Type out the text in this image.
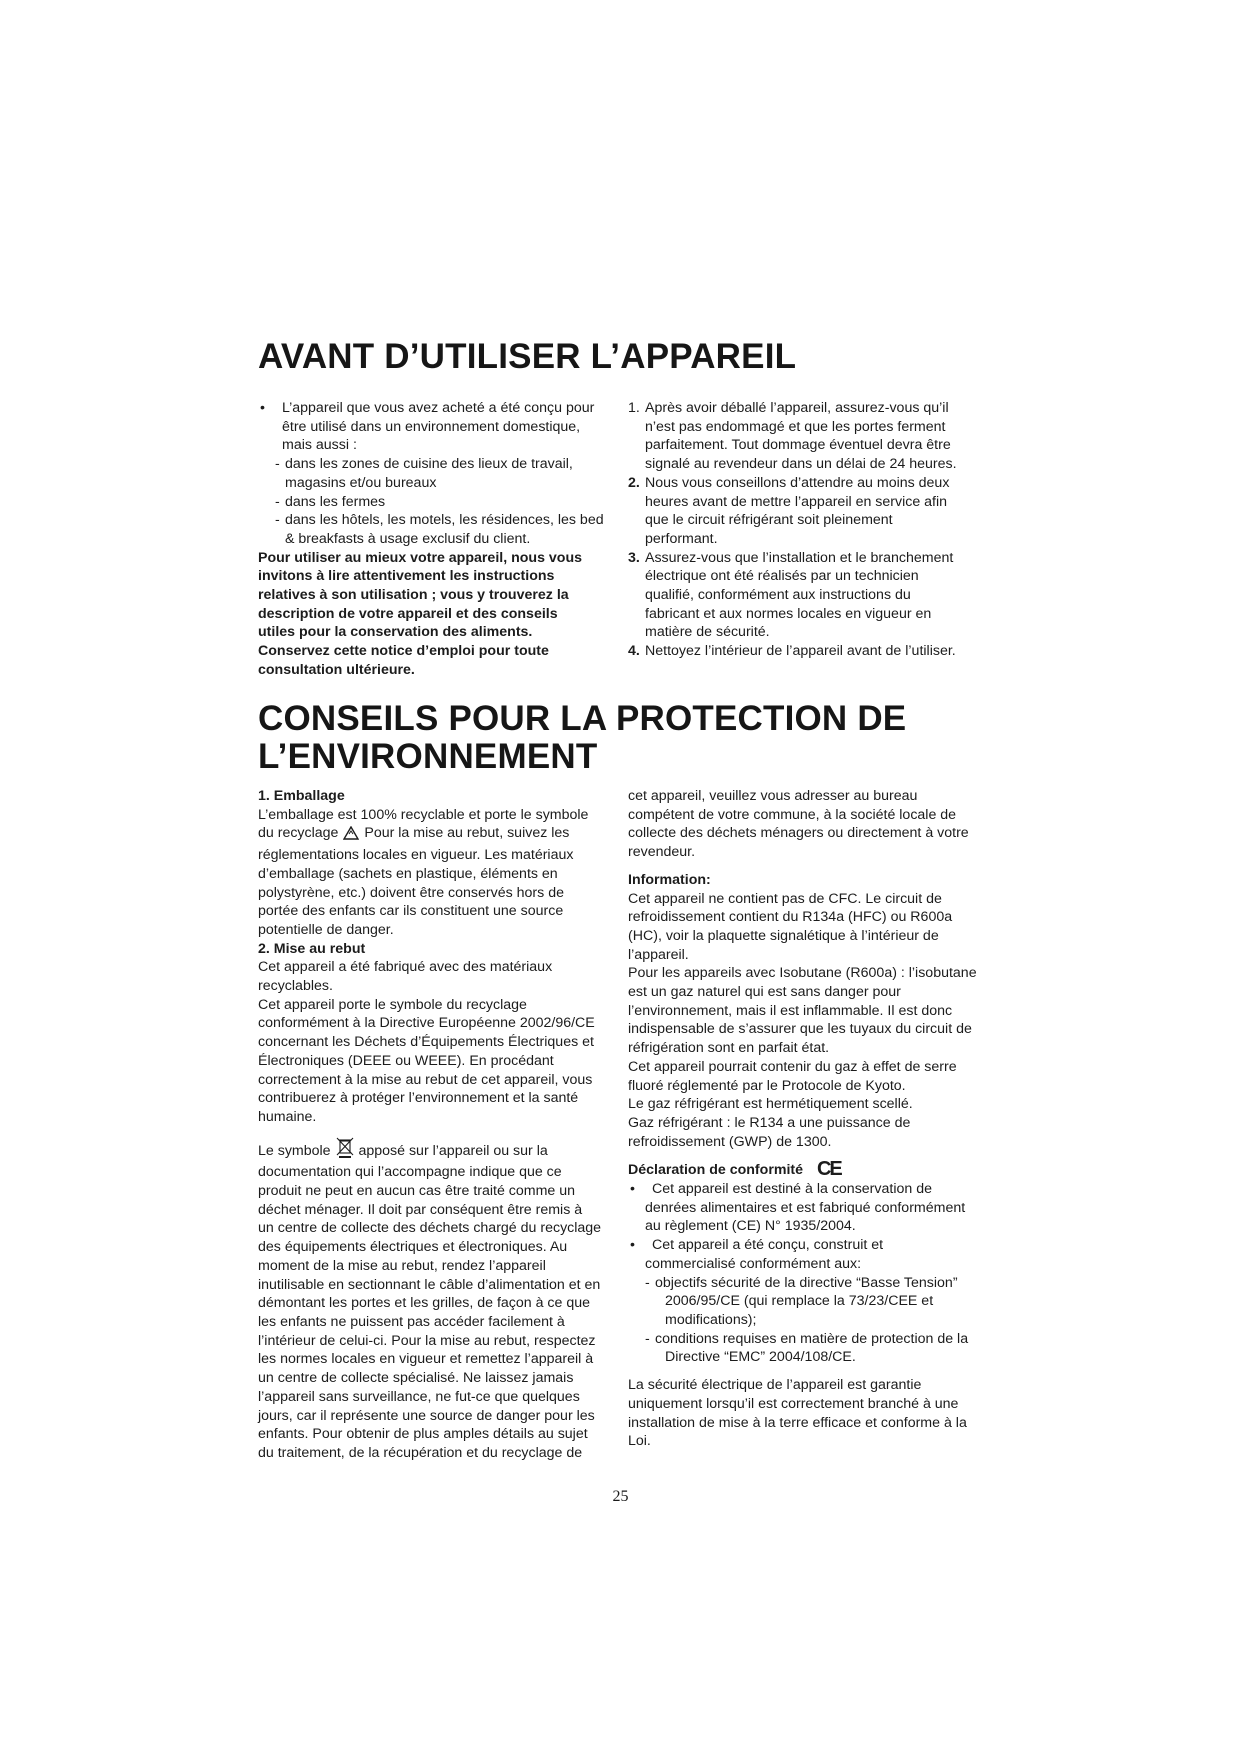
AVANT D’UTILISER L’APPAREIL

• L’appareil que vous avez acheté a été conçu pour

être utilisé dans un environnement domestique,

mais aussi :

- dans les zones de cuisine des lieux de travail,

magasins et/ou bureaux

- dans les fermes

- dans les hôtels, les motels, les résidences, les bed

& breakfasts à usage exclusif du client.

Pour utiliser au mieux votre appareil, nous vous

invitons à lire attentivement les instructions

relatives à son utilisation ; vous y trouverez la

description de votre appareil et des conseils

utiles pour la conservation des aliments.

Conservez cette notice d’emploi pour toute

consultation ultérieure.

1. Après avoir déballé l’appareil, assurez-vous qu’il

n’est pas endommagé et que les portes ferment

parfaitement. Tout dommage éventuel devra être

signalé au revendeur dans un délai de 24 heures.

2. Nous vous conseillons d’attendre au moins deux

heures avant de mettre l’appareil en service afin

que le circuit réfrigérant soit pleinement

performant.

3. Assurez-vous que l’installation et le branchement

électrique ont été réalisés par un technicien

qualifié, conformément aux instructions du

fabricant et aux normes locales en vigueur en

matière de sécurité.

4. Nettoyez l’intérieur de l’appareil avant de l’utiliser.

CONSEILS POUR LA PROTECTION DE
L’ENVIRONNEMENT

1. Emballage

L’emballage est 100% recyclable et porte le symbole

du recyclage Pour la mise au rebut, suivez les

réglementations locales en vigueur. Les matériaux

d’emballage (sachets en plastique, éléments en

polystyrène, etc.) doivent être conservés hors de

portée des enfants car ils constituent une source

potentielle de danger.

2. Mise au rebut

Cet appareil a été fabriqué avec des matériaux

recyclables.

Cet appareil porte le symbole du recyclage

conformément à la Directive Européenne 2002/96/CE

concernant les Déchets d’Équipements Électriques et

Électroniques (DEEE ou WEEE). En procédant

correctement à la mise au rebut de cet appareil, vous

contribuerez à protéger l’environnement et la santé

humaine.

Le symbole apposé sur l’appareil ou sur la

documentation qui l’accompagne indique que ce

produit ne peut en aucun cas être traité comme un

déchet ménager. Il doit par conséquent être remis à

un centre de collecte des déchets chargé du recyclage

des équipements électriques et électroniques. Au

moment de la mise au rebut, rendez l’appareil

inutilisable en sectionnant le câble d’alimentation et en

démontant les portes et les grilles, de façon à ce que

les enfants ne puissent pas accéder facilement à

l’intérieur de celui-ci. Pour la mise au rebut, respectez

les normes locales en vigueur et remettez l’appareil à

un centre de collecte spécialisé. Ne laissez jamais

l’appareil sans surveillance, ne fut-ce que quelques

jours, car il représente une source de danger pour les

enfants. Pour obtenir de plus amples détails au sujet

du traitement, de la récupération et du recyclage de

cet appareil, veuillez vous adresser au bureau

compétent de votre commune, à la société locale de

collecte des déchets ménagers ou directement à votre

revendeur.

Information:

Cet appareil ne contient pas de CFC. Le circuit de

refroidissement contient du R134a (HFC) ou R600a

(HC), voir la plaquette signalétique à l’intérieur de

l’appareil.

Pour les appareils avec Isobutane (R600a) : l’isobutane

est un gaz naturel qui est sans danger pour

l’environnement, mais il est inflammable. Il est donc

indispensable de s’assurer que les tuyaux du circuit de

réfrigération sont en parfait état.

Cet appareil pourrait contenir du gaz à effet de serre

fluoré réglementé par le Protocole de Kyoto.

Le gaz réfrigérant est hermétiquement scellé.

Gaz réfrigérant : le R134 a une puissance de

refroidissement (GWP) de 1300.

Déclaration de conformité CE

• Cet appareil est destiné à la conservation de

denrées alimentaires et est fabriqué conformément

au règlement (CE) N° 1935/2004.

• Cet appareil a été conçu, construit et

commercialisé conformément aux:

- objectifs sécurité de la directive “Basse Tension”

2006/95/CE (qui remplace la 73/23/CEE et

modifications);

- conditions requises en matière de protection de la

Directive “EMC” 2004/108/CE.

La sécurité électrique de l’appareil est garantie

uniquement lorsqu’il est correctement branché à une

installation de mise à la terre efficace et conforme à la

Loi.

25
